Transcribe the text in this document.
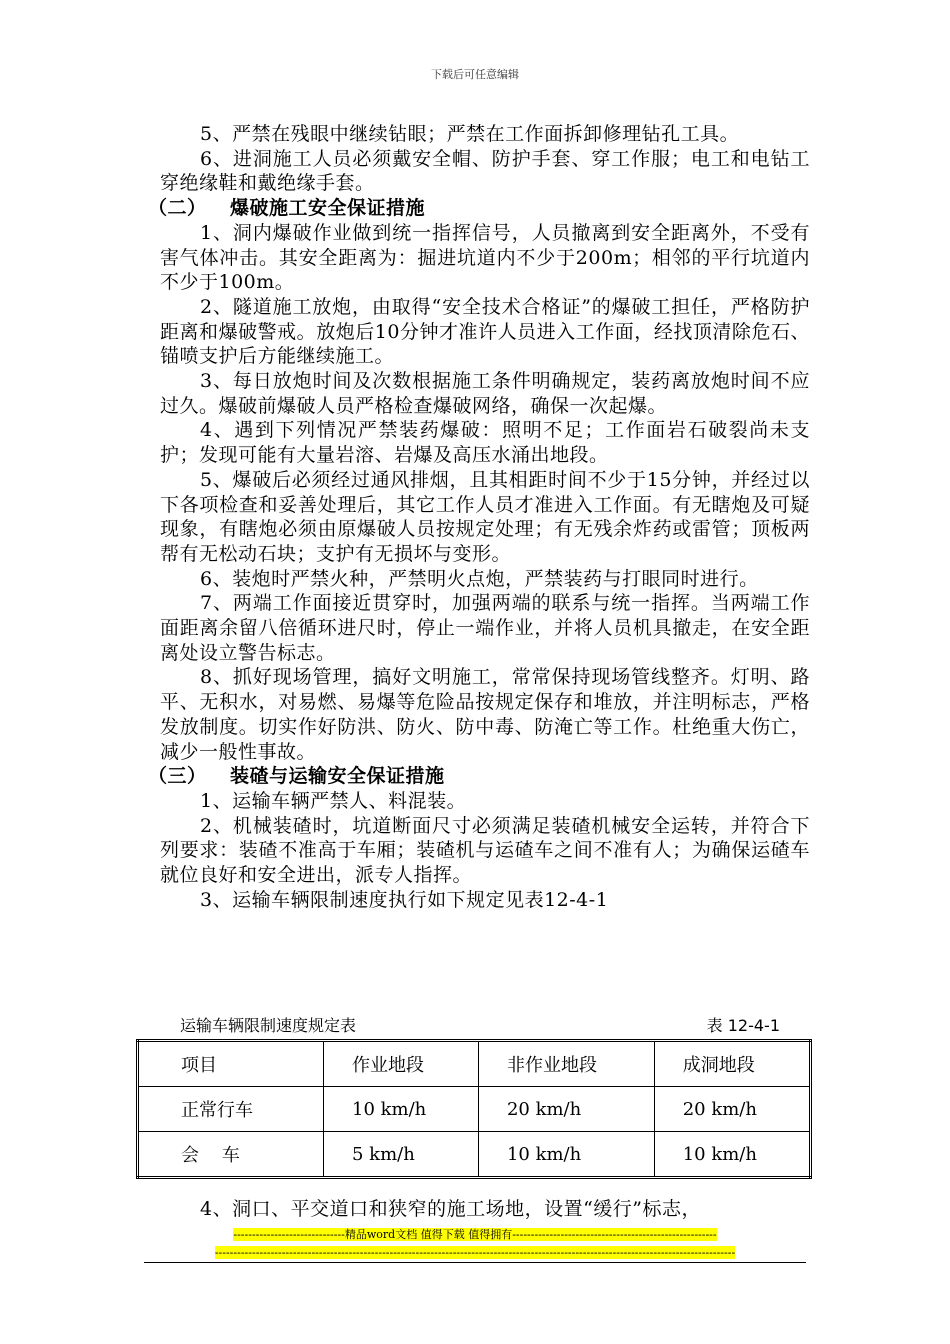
下载后可任意编辑

5、严禁在残眼中继续钻眼；严禁在工作面拆卸修理钻孔工具。

6、进洞施工人员必须戴安全帽、防护手套、穿工作服；电工和电钻工穿绝缘鞋和戴绝缘手套。

（二） 爆破施工安全保证措施

1、洞内爆破作业做到统一指挥信号，人员撤离到安全距离外，不受有害气体冲击。其安全距离为：掘进坑道内不少于200m；相邻的平行坑道内不少于100m。

2、隧道施工放炮，由取得“安全技术合格证”的爆破工担任，严格防护距离和爆破警戒。放炮后10分钟才准许人员进入工作面，经找顶清除危石、锚喷支护后方能继续施工。

3、每日放炮时间及次数根据施工条件明确规定，装药离放炮时间不应过久。爆破前爆破人员严格检查爆破网络，确保一次起爆。

4、遇到下列情况严禁装药爆破：照明不足；工作面岩石破裂尚未支护；发现可能有大量岩溶、岩爆及高压水涌出地段。

5、爆破后必须经过通风排烟，且其相距时间不少于15分钟，并经过以下各项检查和妥善处理后，其它工作人员才准进入工作面。有无瞎炮及可疑现象，有瞎炮必须由原爆破人员按规定处理；有无残余炸药或雷管；顶板两帮有无松动石块；支护有无损坏与变形。

6、装炮时严禁火种，严禁明火点炮，严禁装药与打眼同时进行。

7、两端工作面接近贯穿时，加强两端的联系与统一指挥。当两端工作面距离余留八倍循环进尺时，停止一端作业，并将人员机具撤走，在安全距离处设立警告标志。

8、抓好现场管理，搞好文明施工，常常保持现场管线整齐。灯明、路平、无积水，对易燃、易爆等危险品按规定保存和堆放，并注明标志，严格发放制度。切实作好防洪、防火、防中毒、防淹亡等工作。杜绝重大伤亡，减少一般性事故。

（三） 装碴与运输安全保证措施

1、运输车辆严禁人、料混装。

2、机械装碴时，坑道断面尺寸必须满足装碴机械安全运转，并符合下列要求：装碴不准高于车厢；装碴机与运碴车之间不准有人；为确保运碴车就位良好和安全进出，派专人指挥。

3、运输车辆限制速度执行如下规定见表12-4-1

运输车辆限制速度规定表	表 12-4-1
项目	作业地段	非作业地段	成洞地段
正常行车	10 km/h	20 km/h	20 km/h
会    车	5 km/h	10 km/h	10 km/h

4、洞口、平交道口和狭窄的施工场地，设置“缓行”标志，

------------------------------精品word文档 值得下载 值得拥有-------------------------------------------------------
--------------------------------------------------------------------------------------------------------------------------------------------
